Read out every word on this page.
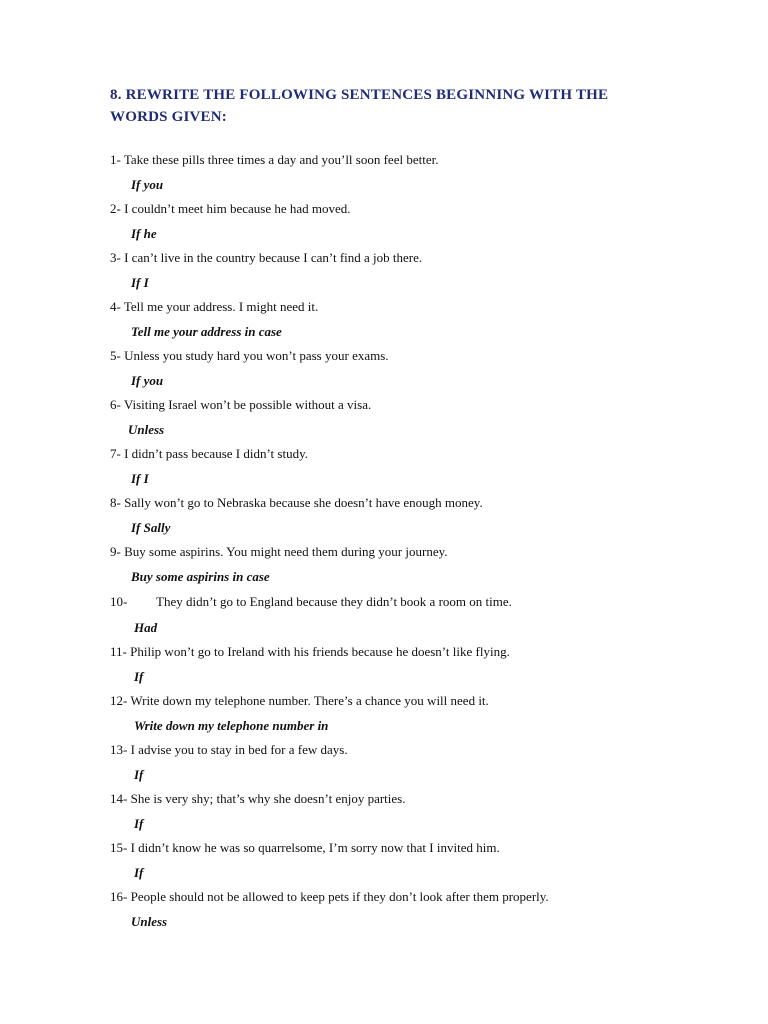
8. REWRITE THE FOLLOWING SENTENCES BEGINNING WITH THE
WORDS GIVEN:
1- Take these pills three times a day and you’ll soon feel better.
If you
2- I couldn’t meet him because he had moved.
If he
3- I can’t live in the country because I can’t find a job there.
If I
4- Tell me your address. I might need it.
Tell me your address in case
5- Unless you study hard you won’t pass your exams.
If you
6- Visiting Israel won’t be possible without a visa.
Unless
7- I didn’t pass because I didn’t study.
If I
8- Sally won’t go to Nebraska because she doesn’t have enough money.
If Sally
9- Buy some aspirins. You might need them during your journey.
Buy some aspirins in case
10- They didn’t go to England because they didn’t book a room on time.
Had
11- Philip won’t go to Ireland with his friends because he doesn’t like flying.
If
12- Write down my telephone number. There’s a chance you will need it.
Write down my telephone number in
13- I advise you to stay in bed for a few days.
If
14- She is very shy; that’s why she doesn’t enjoy parties.
If
15- I didn’t know he was so quarrelsome, I’m sorry now that I invited him.
If
16- People should not be allowed to keep pets if they don’t look after them properly.
Unless
